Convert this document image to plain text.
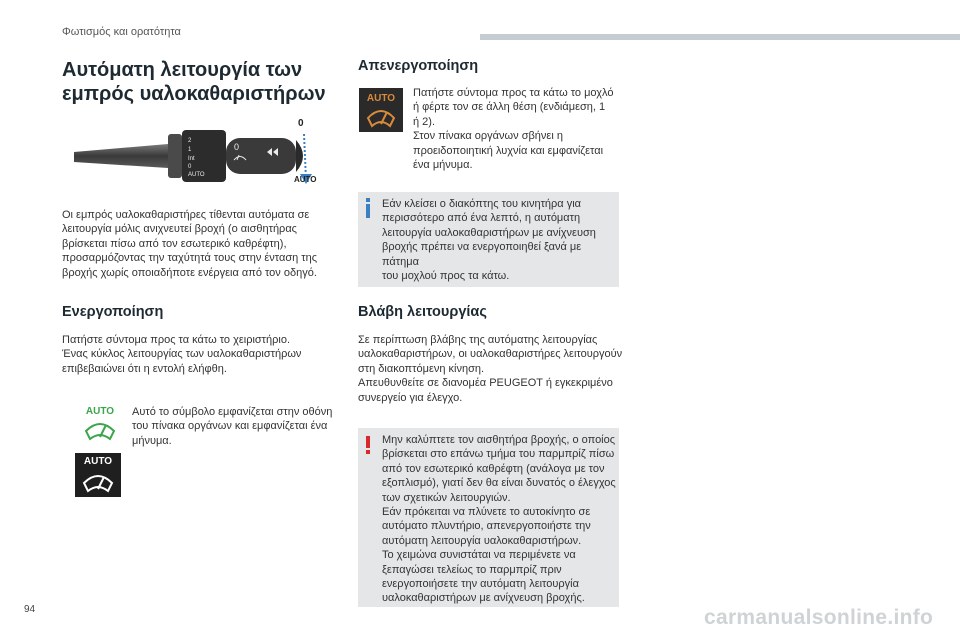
Φωτισμός και ορατότητα
Αυτόματη λειτουργία των
εμπρός υαλοκαθαριστήρων
2
1
Int
0
AUTO
0
0
AUTO
Οι εμπρός υαλοκαθαριστήρες τίθενται αυτόματα σε
λειτουργία μόλις ανιχνευτεί βροχή (ο αισθητήρας
βρίσκεται πίσω από τον εσωτερικό καθρέφτη),
προσαρμόζοντας την ταχύτητά τους στην ένταση της
βροχής χωρίς οποιαδήποτε ενέργεια από τον οδηγό.
Ενεργοποίηση
Πατήστε σύντομα προς τα κάτω το χειριστήριο.
Ένας κύκλος λειτουργίας των υαλοκαθαριστήρων
επιβεβαιώνει ότι η εντολή ελήφθη.
AUTO
AUTO
Αυτό το σύμβολο εμφανίζεται στην οθόνη
του πίνακα οργάνων και εμφανίζεται ένα
μήνυμα.
Απενεργοποίηση
AUTO	Πατήστε σύντομα προς τα κάτω το μοχλό
ή φέρτε τον σε άλλη θέση (ενδιάμεση, 1
ή 2).
Στον πίνακα οργάνων σβήνει η
προειδοποιητική λυχνία και εμφανίζεται
ένα μήνυμα.
Εάν κλείσει ο διακόπτης του κινητήρα για
περισσότερο από ένα λεπτό, η αυτόματη
λειτουργία υαλοκαθαριστήρων με ανίχνευση
βροχής πρέπει να ενεργοποιηθεί ξανά με πάτημα
του μοχλού προς τα κάτω.
Βλάβη λειτουργίας
Σε περίπτωση βλάβης της αυτόματης λειτουργίας
υαλοκαθαριστήρων, οι υαλοκαθαριστήρες λειτουργούν
στη διακοπτόμενη κίνηση.
Απευθυνθείτε σε διανομέα PEUGEOT ή εγκεκριμένο
συνεργείο για έλεγχο.
Μην καλύπτετε τον αισθητήρα βροχής, ο οποίος
βρίσκεται στο επάνω τμήμα του παρμπρίζ πίσω
από τον εσωτερικό καθρέφτη (ανάλογα με τον
εξοπλισμό), γιατί δεν θα είναι δυνατός ο έλεγχος
των σχετικών λειτουργιών.
Εάν πρόκειται να πλύνετε το αυτοκίνητο σε
αυτόματο πλυντήριο, απενεργοποιήστε την
αυτόματη λειτουργία υαλοκαθαριστήρων.
Το χειμώνα συνιστάται να περιμένετε να
ξεπαγώσει τελείως το παρμπρίζ πριν
ενεργοποιήσετε την αυτόματη λειτουργία
υαλοκαθαριστήρων με ανίχνευση βροχής.
94	carmanualsonline.info
